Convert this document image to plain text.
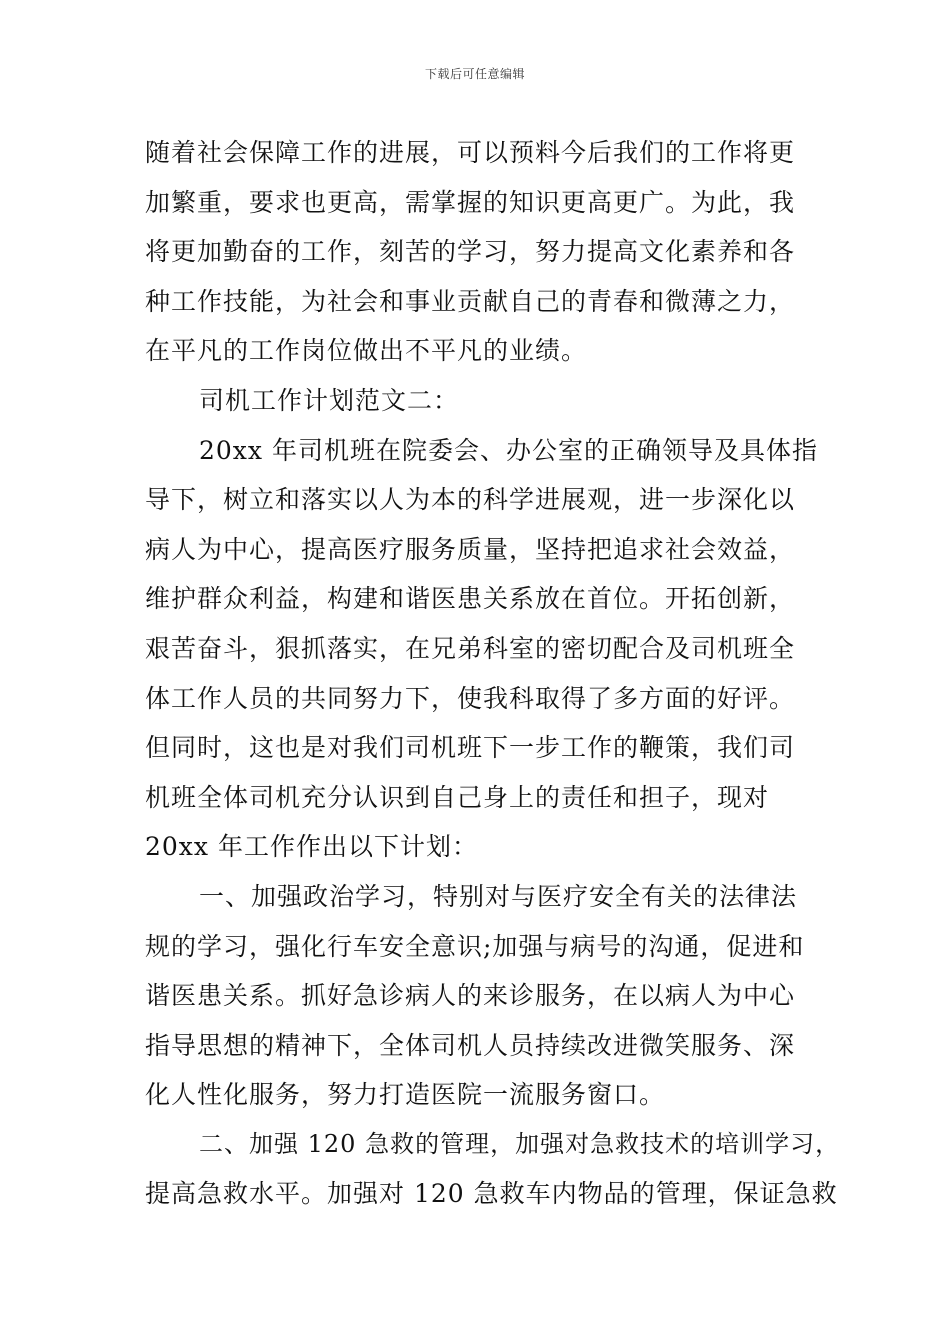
下载后可任意编辑
随着社会保障工作的进展，可以预料今后我们的工作将更
加繁重，要求也更高，需掌握的知识更高更广。为此，我
将更加勤奋的工作，刻苦的学习，努力提高文化素养和各
种工作技能，为社会和事业贡献自己的青春和微薄之力，
在平凡的工作岗位做出不平凡的业绩。
司机工作计划范文二：
20xx 年司机班在院委会、办公室的正确领导及具体指
导下，树立和落实以人为本的科学进展观，进一步深化以
病人为中心，提高医疗服务质量，坚持把追求社会效益，
维护群众利益，构建和谐医患关系放在首位。开拓创新，
艰苦奋斗，狠抓落实，在兄弟科室的密切配合及司机班全
体工作人员的共同努力下，使我科取得了多方面的好评。
但同时，这也是对我们司机班下一步工作的鞭策，我们司
机班全体司机充分认识到自己身上的责任和担子，现对
20xx 年工作作出以下计划：
一、加强政治学习，特别对与医疗安全有关的法律法
规的学习，强化行车安全意识;加强与病号的沟通，促进和
谐医患关系。抓好急诊病人的来诊服务，在以病人为中心
指导思想的精神下，全体司机人员持续改进微笑服务、深
化人性化服务，努力打造医院一流服务窗口。
二、加强 120 急救的管理，加强对急救技术的培训学习，
提高急救水平。加强对 120 急救车内物品的管理，保证急救
